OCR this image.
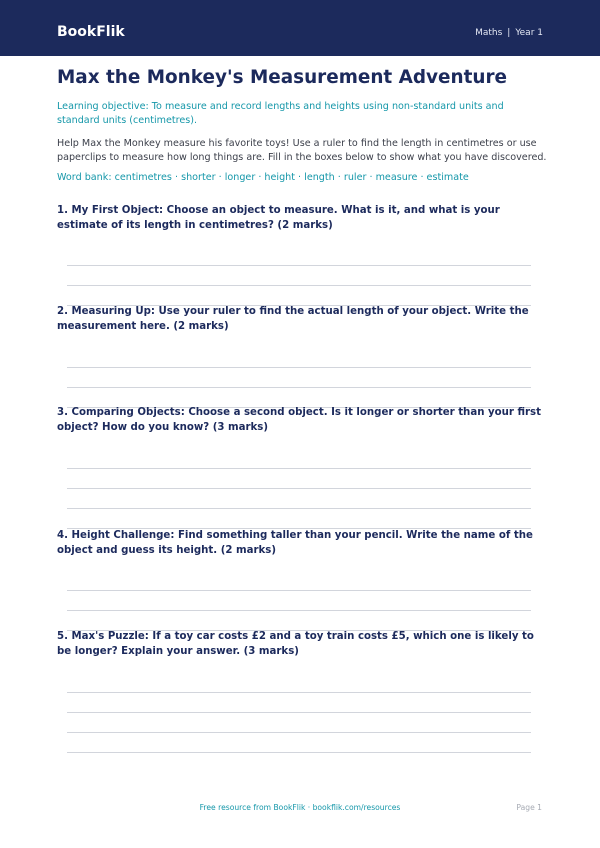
BookFlik	Maths | Year 1
Max the Monkey's Measurement Adventure

Learning objective: To measure and record lengths and heights using non-standard units and standard units (centimetres).

Help Max the Monkey measure his favorite toys! Use a ruler to find the length in centimetres or use paperclips to measure how long things are. Fill in the boxes below to show what you have discovered.

Word bank: centimetres · shorter · longer · height · length · ruler · measure · estimate

1. My First Object: Choose an object to measure. What is it, and what is your estimate of its length in centimetres? (2 marks)

2. Measuring Up: Use your ruler to find the actual length of your object. Write the measurement here. (2 marks)

3. Comparing Objects: Choose a second object. Is it longer or shorter than your first object? How do you know? (3 marks)

4. Height Challenge: Find something taller than your pencil. Write the name of the object and guess its height. (2 marks)

5. Max's Puzzle: If a toy car costs £2 and a toy train costs £5, which one is likely to be longer? Explain your answer. (3 marks)

Free resource from BookFlik · bookflik.com/resources	Page 1
